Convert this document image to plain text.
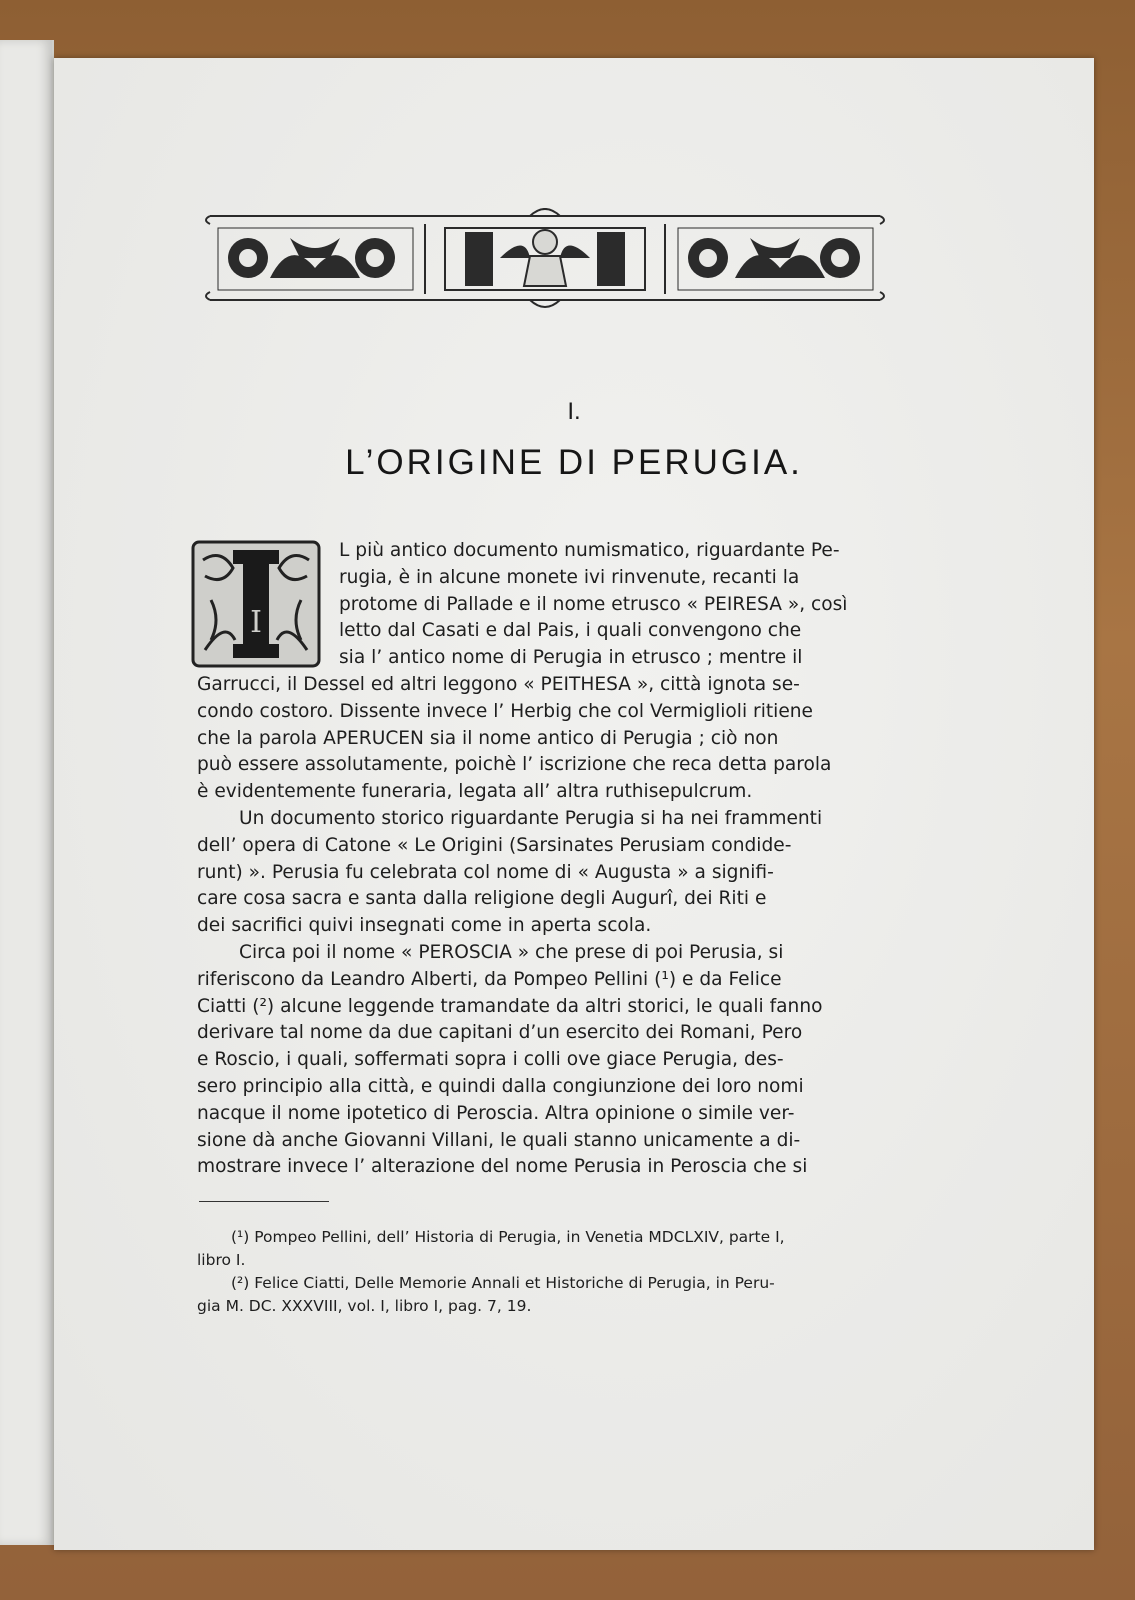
I.
L’ORIGINE DI PERUGIA.
I
L più antico documento numismatico, riguardante Pe-
rugia, è in alcune monete ivi rinvenute, recanti la
protome di Pallade e il nome etrusco « PEIRESA », così
letto dal Casati e dal Pais, i quali convengono che
sia l’ antico nome di Perugia in etrusco ; mentre il
Garrucci, il Dessel ed altri leggono « PEITHESA », città ignota se-
condo costoro. Dissente invece l’ Herbig che col Vermiglioli ritiene
che la parola APERUCEN sia il nome antico di Perugia ; ciò non
può essere assolutamente, poichè l’ iscrizione che reca detta parola
è evidentemente funeraria, legata all’ altra ruthisepulcrum.
Un documento storico riguardante Perugia si ha nei frammenti
dell’ opera di Catone « Le Origini (Sarsinates Perusiam condide-
runt) ». Perusia fu celebrata col nome di « Augusta » a signifi-
care cosa sacra e santa dalla religione degli Augurî, dei Riti e
dei sacrifici quivi insegnati come in aperta scola.
Circa poi il nome « PEROSCIA » che prese di poi Perusia, si
riferiscono da Leandro Alberti, da Pompeo Pellini (¹) e da Felice
Ciatti (²) alcune leggende tramandate da altri storici, le quali fanno
derivare tal nome da due capitani d’un esercito dei Romani, Pero
e Roscio, i quali, soffermati sopra i colli ove giace Perugia, des-
sero principio alla città, e quindi dalla congiunzione dei loro nomi
nacque il nome ipotetico di Peroscia. Altra opinione o simile ver-
sione dà anche Giovanni Villani, le quali stanno unicamente a di-
mostrare invece l’ alterazione del nome Perusia in Peroscia che si
(¹) Pompeo Pellini, dell’ Historia di Perugia, in Venetia MDCLXIV, parte I,
libro I.
(²) Felice Ciatti, Delle Memorie Annali et Historiche di Perugia, in Peru-
gia M. DC. XXXVIII, vol. I, libro I, pag. 7, 19.
